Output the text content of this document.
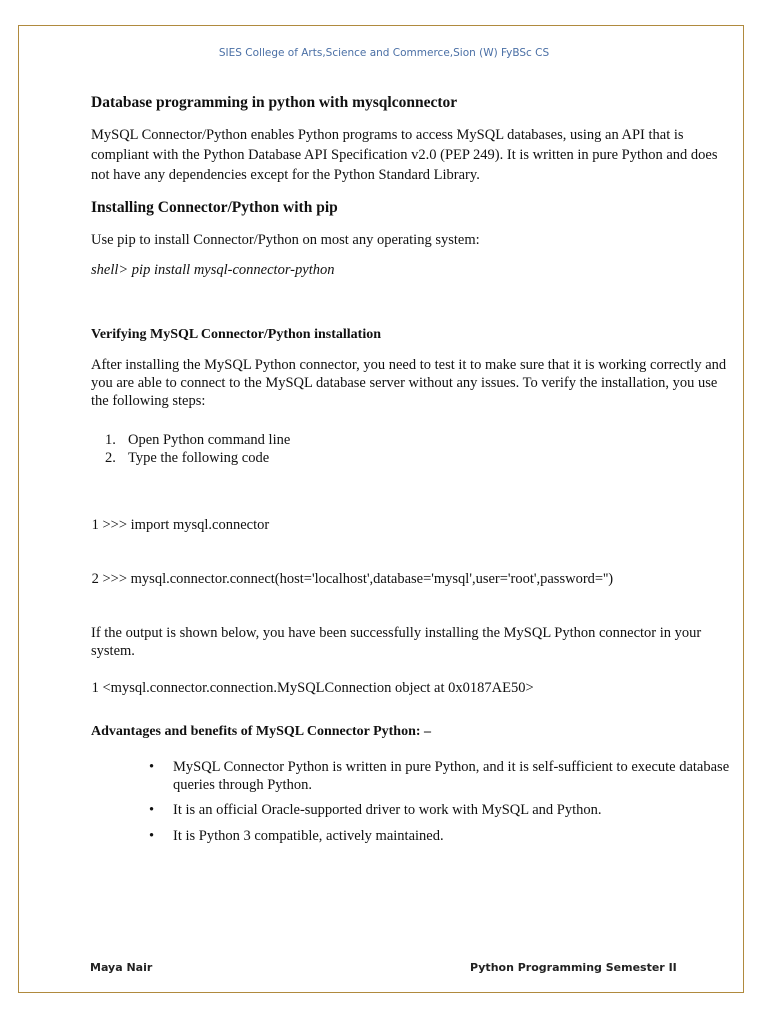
SIES College of Arts,Science and Commerce,Sion (W) FyBSc CS
Database programming in python with mysqlconnector

MySQL Connector/Python enables Python programs to access MySQL databases, using an API that is compliant with the Python Database API Specification v2.0 (PEP 249). It is written in pure Python and does not have any dependencies except for the Python Standard Library.

Installing Connector/Python with pip

Use pip to install Connector/Python on most any operating system:

shell> pip install mysql-connector-python

Verifying MySQL Connector/Python installation

After installing the MySQL Python connector, you need to test it to make sure that it is working correctly and you are able to connect to the MySQL database server without any issues. To verify the installation, you use the following steps:

1. Open Python command line
2. Type the following code

1 >>> import mysql.connector

2 >>> mysql.connector.connect(host='localhost',database='mysql',user='root',password='')

If the output is shown below, you have been successfully installing the MySQL Python connector in your system.

1 <mysql.connector.connection.MySQLConnection object at 0x0187AE50>
Advantages and benefits of MySQL Connector Python: –
• MySQL Connector Python is written in pure Python, and it is self-sufficient to execute database queries through Python.
• It is an official Oracle-supported driver to work with MySQL and Python.
• It is Python 3 compatible, actively maintained.
Maya Nair	Python Programming Semester II
